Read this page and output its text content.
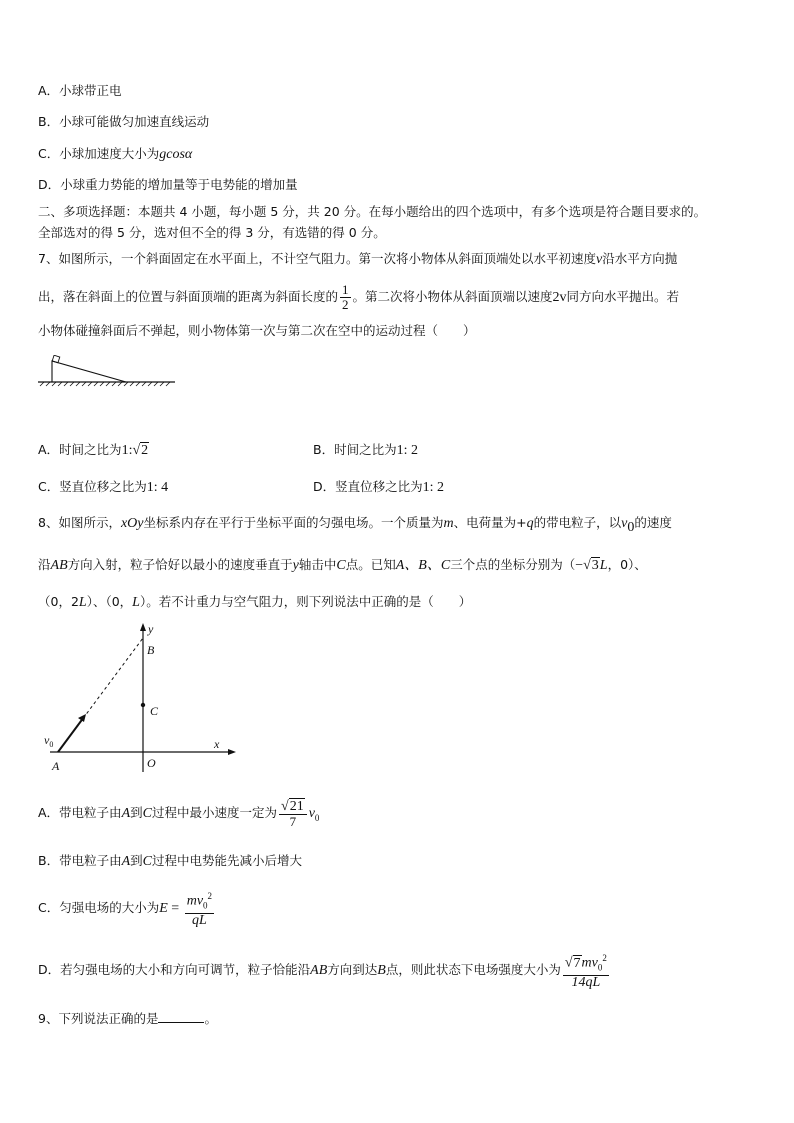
A．小球带正电
B．小球可能做匀加速直线运动
C．小球加速度大小为gcosα
D．小球重力势能的增加量等于电势能的增加量
二、多项选择题：本题共 4 小题，每小题 5 分，共 20 分。在每小题给出的四个选项中，有多个选项是符合题目要求的。
全部选对的得 5 分，选对但不全的得 3 分，有选错的得 0 分。
7、如图所示，一个斜面固定在水平面上，不计空气阻力。第一次将小物体从斜面顶端处以水平初速度v沿水平方向抛
出，落在斜面上的位置与斜面顶端的距离为斜面长度的 $\frac{1}{2}$ 。第二次将小物体从斜面顶端以速度2v同方向水平抛出。若
小物体碰撞斜面后不弹起，则小物体第一次与第二次在空中的运动过程（　　）
A．时间之比为1:√2	B．时间之比为1: 2
C．竖直位移之比为1: 4	D．竖直位移之比为1: 2
8、如图所示，xOy坐标系内存在平行于坐标平面的匀强电场。一个质量为m、电荷量为+q的带电粒子，以$v_0$的速度
沿AB方向入射，粒子恰好以最小的速度垂直于y轴击中C点。已知A、B、C三个点的坐标分别为（−√3L，0）、
（0，2L）、（0，L）。若不计重力与空气阻力，则下列说法中正确的是（　　）
y
x
B
C
A	O
$v_0$
A．带电粒子由A到C过程中最小速度一定为 $\frac{√21}{7} v_0$
B．带电粒子由A到C过程中电势能先减小后增大
C．匀强电场的大小为$E = \frac{mv_0^2}{qL}$
D．若匀强电场的大小和方向可调节，粒子恰能沿AB方向到达B点，则此状态下电场强度大小为 $\frac{√7mv_0^2}{14qL}$
9、下列说法正确的是	。
